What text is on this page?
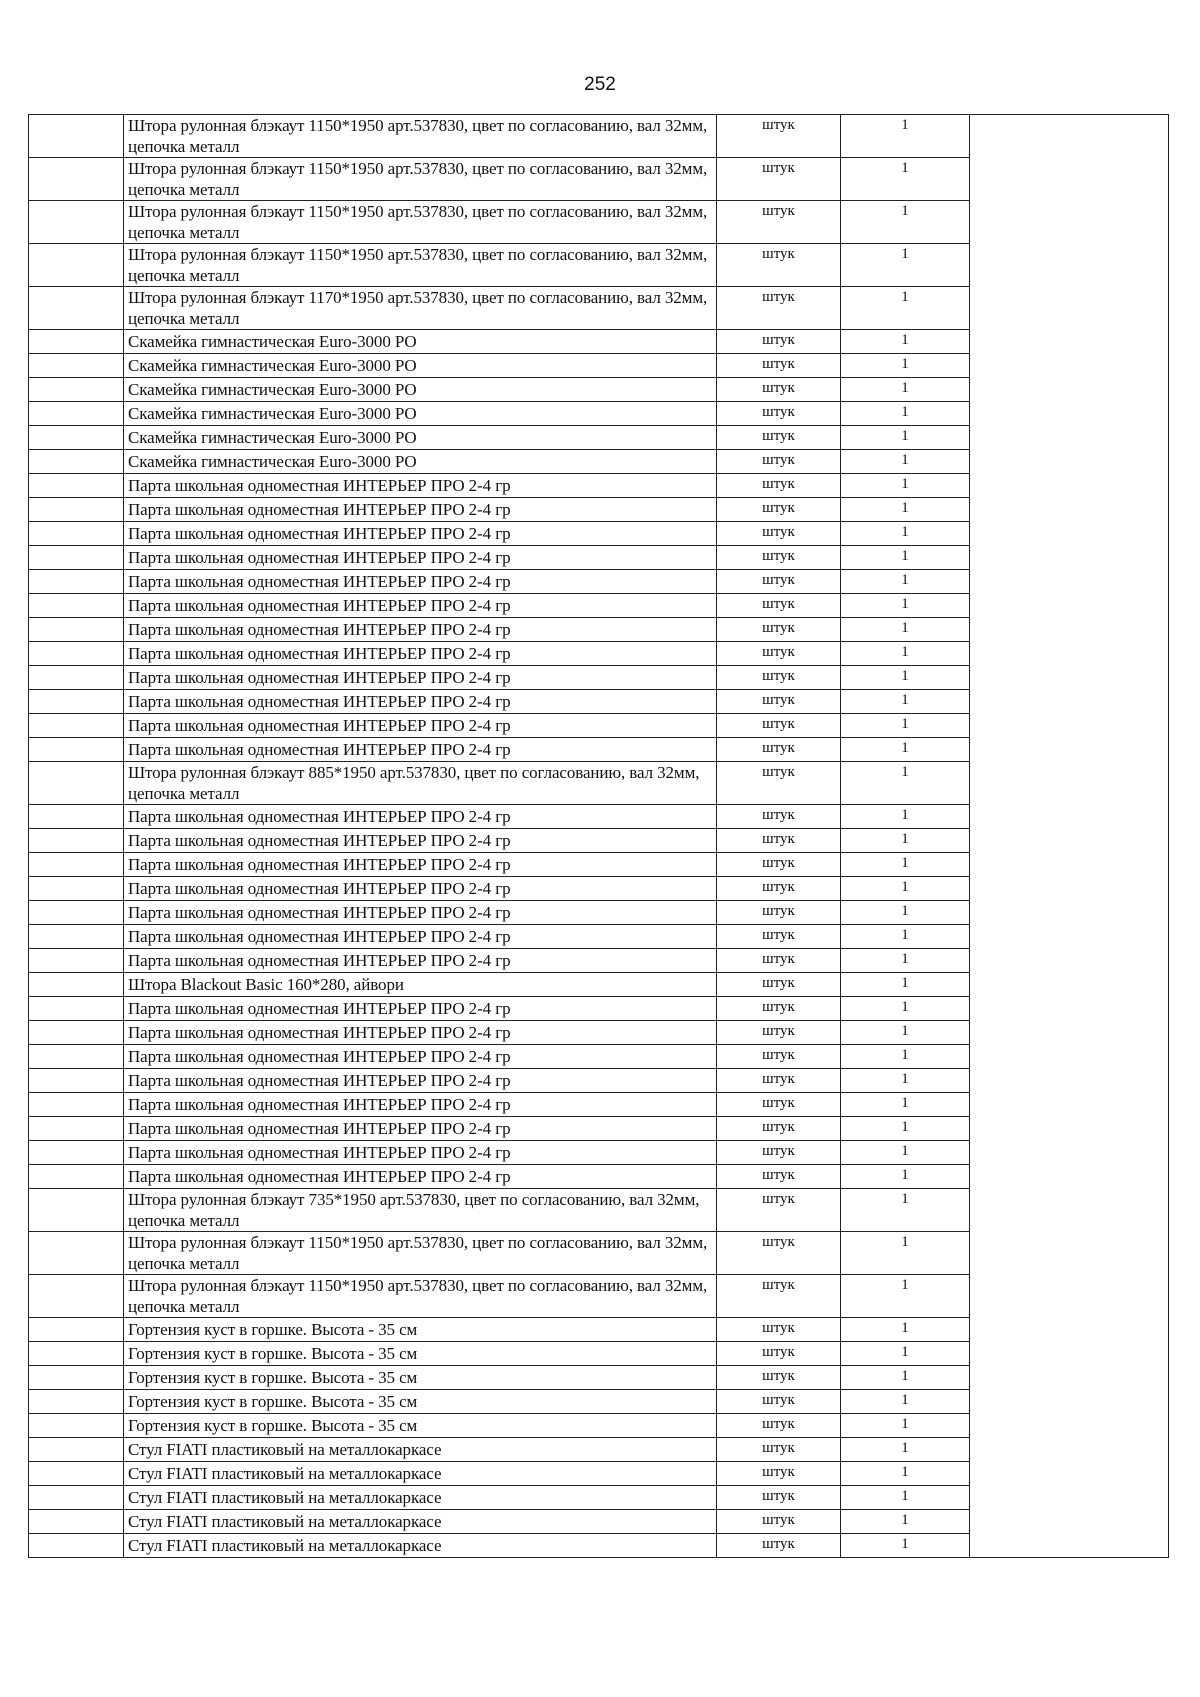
252
	Штора рулонная блэкаут 1150*1950 арт.537830, цвет по согласованию, вал 32мм, цепочка металл	штук	1	
	Штора рулонная блэкаут 1150*1950 арт.537830, цвет по согласованию, вал 32мм, цепочка металл	штук	1	
	Штора рулонная блэкаут 1150*1950 арт.537830, цвет по согласованию, вал 32мм, цепочка металл	штук	1	
	Штора рулонная блэкаут 1150*1950 арт.537830, цвет по согласованию, вал 32мм, цепочка металл	штук	1	
	Штора рулонная блэкаут 1170*1950 арт.537830, цвет по согласованию, вал 32мм, цепочка металл	штук	1	
	Скамейка гимнастическая Euro-3000 РО	штук	1	
	Скамейка гимнастическая Euro-3000 РО	штук	1	
	Скамейка гимнастическая Euro-3000 РО	штук	1	
	Скамейка гимнастическая Euro-3000 РО	штук	1	
	Скамейка гимнастическая Euro-3000 РО	штук	1	
	Скамейка гимнастическая Euro-3000 РО	штук	1	
	Парта школьная одноместная ИНТЕРЬЕР ПРО 2-4 гр	штук	1	
	Парта школьная одноместная ИНТЕРЬЕР ПРО 2-4 гр	штук	1	
	Парта школьная одноместная ИНТЕРЬЕР ПРО 2-4 гр	штук	1	
	Парта школьная одноместная ИНТЕРЬЕР ПРО 2-4 гр	штук	1	
	Парта школьная одноместная ИНТЕРЬЕР ПРО 2-4 гр	штук	1	
	Парта школьная одноместная ИНТЕРЬЕР ПРО 2-4 гр	штук	1	
	Парта школьная одноместная ИНТЕРЬЕР ПРО 2-4 гр	штук	1	
	Парта школьная одноместная ИНТЕРЬЕР ПРО 2-4 гр	штук	1	
	Парта школьная одноместная ИНТЕРЬЕР ПРО 2-4 гр	штук	1	
	Парта школьная одноместная ИНТЕРЬЕР ПРО 2-4 гр	штук	1	
	Парта школьная одноместная ИНТЕРЬЕР ПРО 2-4 гр	штук	1	
	Парта школьная одноместная ИНТЕРЬЕР ПРО 2-4 гр	штук	1	
	Штора рулонная блэкаут 885*1950 арт.537830, цвет по согласованию, вал 32мм, цепочка металл	штук	1	
	Парта школьная одноместная ИНТЕРЬЕР ПРО 2-4 гр	штук	1	
	Парта школьная одноместная ИНТЕРЬЕР ПРО 2-4 гр	штук	1	
	Парта школьная одноместная ИНТЕРЬЕР ПРО 2-4 гр	штук	1	
	Парта школьная одноместная ИНТЕРЬЕР ПРО 2-4 гр	штук	1	
	Парта школьная одноместная ИНТЕРЬЕР ПРО 2-4 гр	штук	1	
	Парта школьная одноместная ИНТЕРЬЕР ПРО 2-4 гр	штук	1	
	Парта школьная одноместная ИНТЕРЬЕР ПРО 2-4 гр	штук	1	
	Штора Blackout Basic 160*280, айвори	штук	1	
	Парта школьная одноместная ИНТЕРЬЕР ПРО 2-4 гр	штук	1	
	Парта школьная одноместная ИНТЕРЬЕР ПРО 2-4 гр	штук	1	
	Парта школьная одноместная ИНТЕРЬЕР ПРО 2-4 гр	штук	1	
	Парта школьная одноместная ИНТЕРЬЕР ПРО 2-4 гр	штук	1	
	Парта школьная одноместная ИНТЕРЬЕР ПРО 2-4 гр	штук	1	
	Парта школьная одноместная ИНТЕРЬЕР ПРО 2-4 гр	штук	1	
	Парта школьная одноместная ИНТЕРЬЕР ПРО 2-4 гр	штук	1	
	Парта школьная одноместная ИНТЕРЬЕР ПРО 2-4 гр	штук	1	
	Штора рулонная блэкаут 735*1950 арт.537830, цвет по согласованию, вал 32мм, цепочка металл	штук	1	
	Штора рулонная блэкаут 1150*1950 арт.537830, цвет по согласованию, вал 32мм, цепочка металл	штук	1	
	Штора рулонная блэкаут 1150*1950 арт.537830, цвет по согласованию, вал 32мм, цепочка металл	штук	1	
	Гортензия куст в горшке. Высота - 35 см	штук	1	
	Гортензия куст в горшке. Высота - 35 см	штук	1	
	Гортензия куст в горшке. Высота - 35 см	штук	1	
	Гортензия куст в горшке. Высота - 35 см	штук	1	
	Гортензия куст в горшке. Высота - 35 см	штук	1	
	Стул FIATI пластиковый на металлокаркасе	штук	1	
	Стул FIATI пластиковый на металлокаркасе	штук	1	
	Стул FIATI пластиковый на металлокаркасе	штук	1	
	Стул FIATI пластиковый на металлокаркасе	штук	1	
	Стул FIATI пластиковый на металлокаркасе	штук	1	
